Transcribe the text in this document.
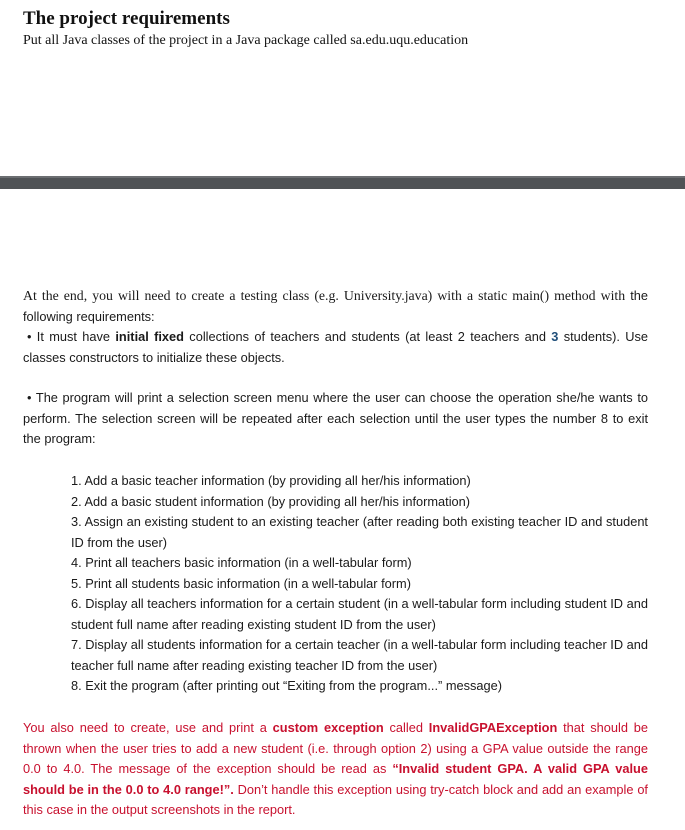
The project requirements
Put all Java classes of the project in a Java package called sa.edu.uqu.education
At the end, you will need to create a testing class (e.g. University.java) with a static main() method with the following requirements:
• It must have initial fixed collections of teachers and students (at least 2 teachers and 3 students). Use classes constructors to initialize these objects.
• The program will print a selection screen menu where the user can choose the operation she/he wants to perform. The selection screen will be repeated after each selection until the user types the number 8 to exit the program:
1. Add a basic teacher information (by providing all her/his information)
2. Add a basic student information (by providing all her/his information)
3. Assign an existing student to an existing teacher (after reading both existing teacher ID and student ID from the user)
4. Print all teachers basic information (in a well-tabular form)
5. Print all students basic information (in a well-tabular form)
6. Display all teachers information for a certain student (in a well-tabular form including student ID and student full name after reading existing student ID from the user)
7. Display all students information for a certain teacher (in a well-tabular form including teacher ID and teacher full name after reading existing teacher ID from the user)
8. Exit the program (after printing out “Exiting from the program...” message)
You also need to create, use and print a custom exception called InvalidGPAException that should be thrown when the user tries to add a new student (i.e. through option 2) using a GPA value outside the range 0.0 to 4.0. The message of the exception should be read as “Invalid student GPA. A valid GPA value should be in the 0.0 to 4.0 range!”. Don’t handle this exception using try-catch block and add an example of this case in the output screenshots in the report.
